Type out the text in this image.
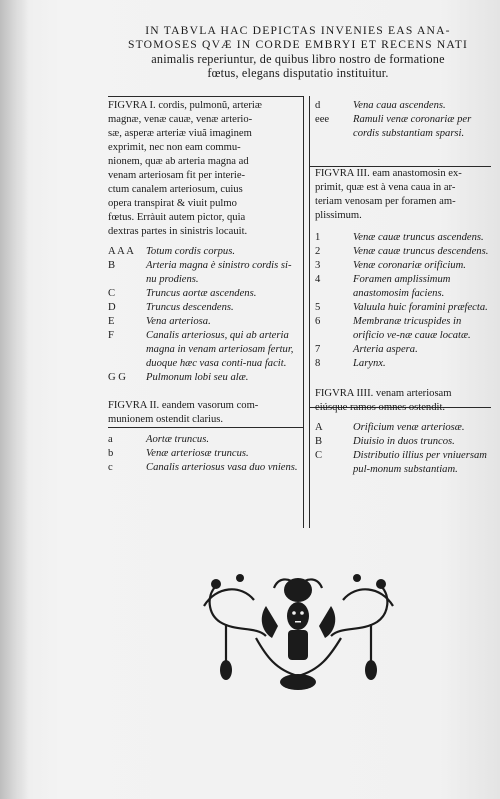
IN TABVLA HAC DEPICTAS INVENIES EAS ANA-
STOMOSES QVÆ IN CORDE EMBRYI ET RECENS NATI
animalis reperiuntur, de quibus libro nostro de formatione
fœtus, elegans disputatio instituitur.
FIGVRA I. cordis, pulmonũ, arteriæ
magnæ, venæ cauæ, venæ arterio-
sæ, asperæ arteriæ viuã imaginem
exprimit, nec non eam commu-
nionem, quæ ab arteria magna ad
venam arteriosam fit per interie-
ctum canalem arteriosum, cuius
opera transpirat & viuit pulmo
fœtus. Erràuit autem pictor, quia
dextras partes in sinistris locauit.
A A A	Totum cordis corpus.
B	Arteria magna è sinistro cordis si-nu prodiens.
C	Truncus aortæ ascendens.
D	Truncus descendens.
E	Vena arteriosa.
F	Canalis arteriosus, qui ab arteria magna in venam arteriosam fertur, duoque hæc vasa conti-nua facit.
G G	Pulmonum lobi seu alæ.
FIGVRA II. eandem vasorum com-
munionem ostendit clarius.
a	Aortæ truncus.
b	Venæ arteriosæ truncus.
c	Canalis arteriosus vasa duo vniens.
d	Vena caua ascendens.
eee	Ramuli venæ coronariæ per cordis substantiam sparsi.
FIGVRA III. eam anastomosin ex-
primit, quæ est à vena caua in ar-
teriam venosam per foramen am-
plissimum.
1	Venæ cauæ truncus ascendens.
2	Venæ cauæ truncus descendens.
3	Venæ coronariæ orificium.
4	Foramen amplissimum anastomosim faciens.
5	Valuula huic foramini præfecta.
6	Membranæ tricuspides in orificio ve-næ cauæ locatæ.
7	Arteria aspera.
8	Larynx.
FIGVRA IIII. venam arteriosam
eiúsque ramos omnes ostendit.
A	Orificium venæ arteriosæ.
B	Diuisio in duos truncos.
C	Distributio illius per vniuersam pul-monum substantiam.
